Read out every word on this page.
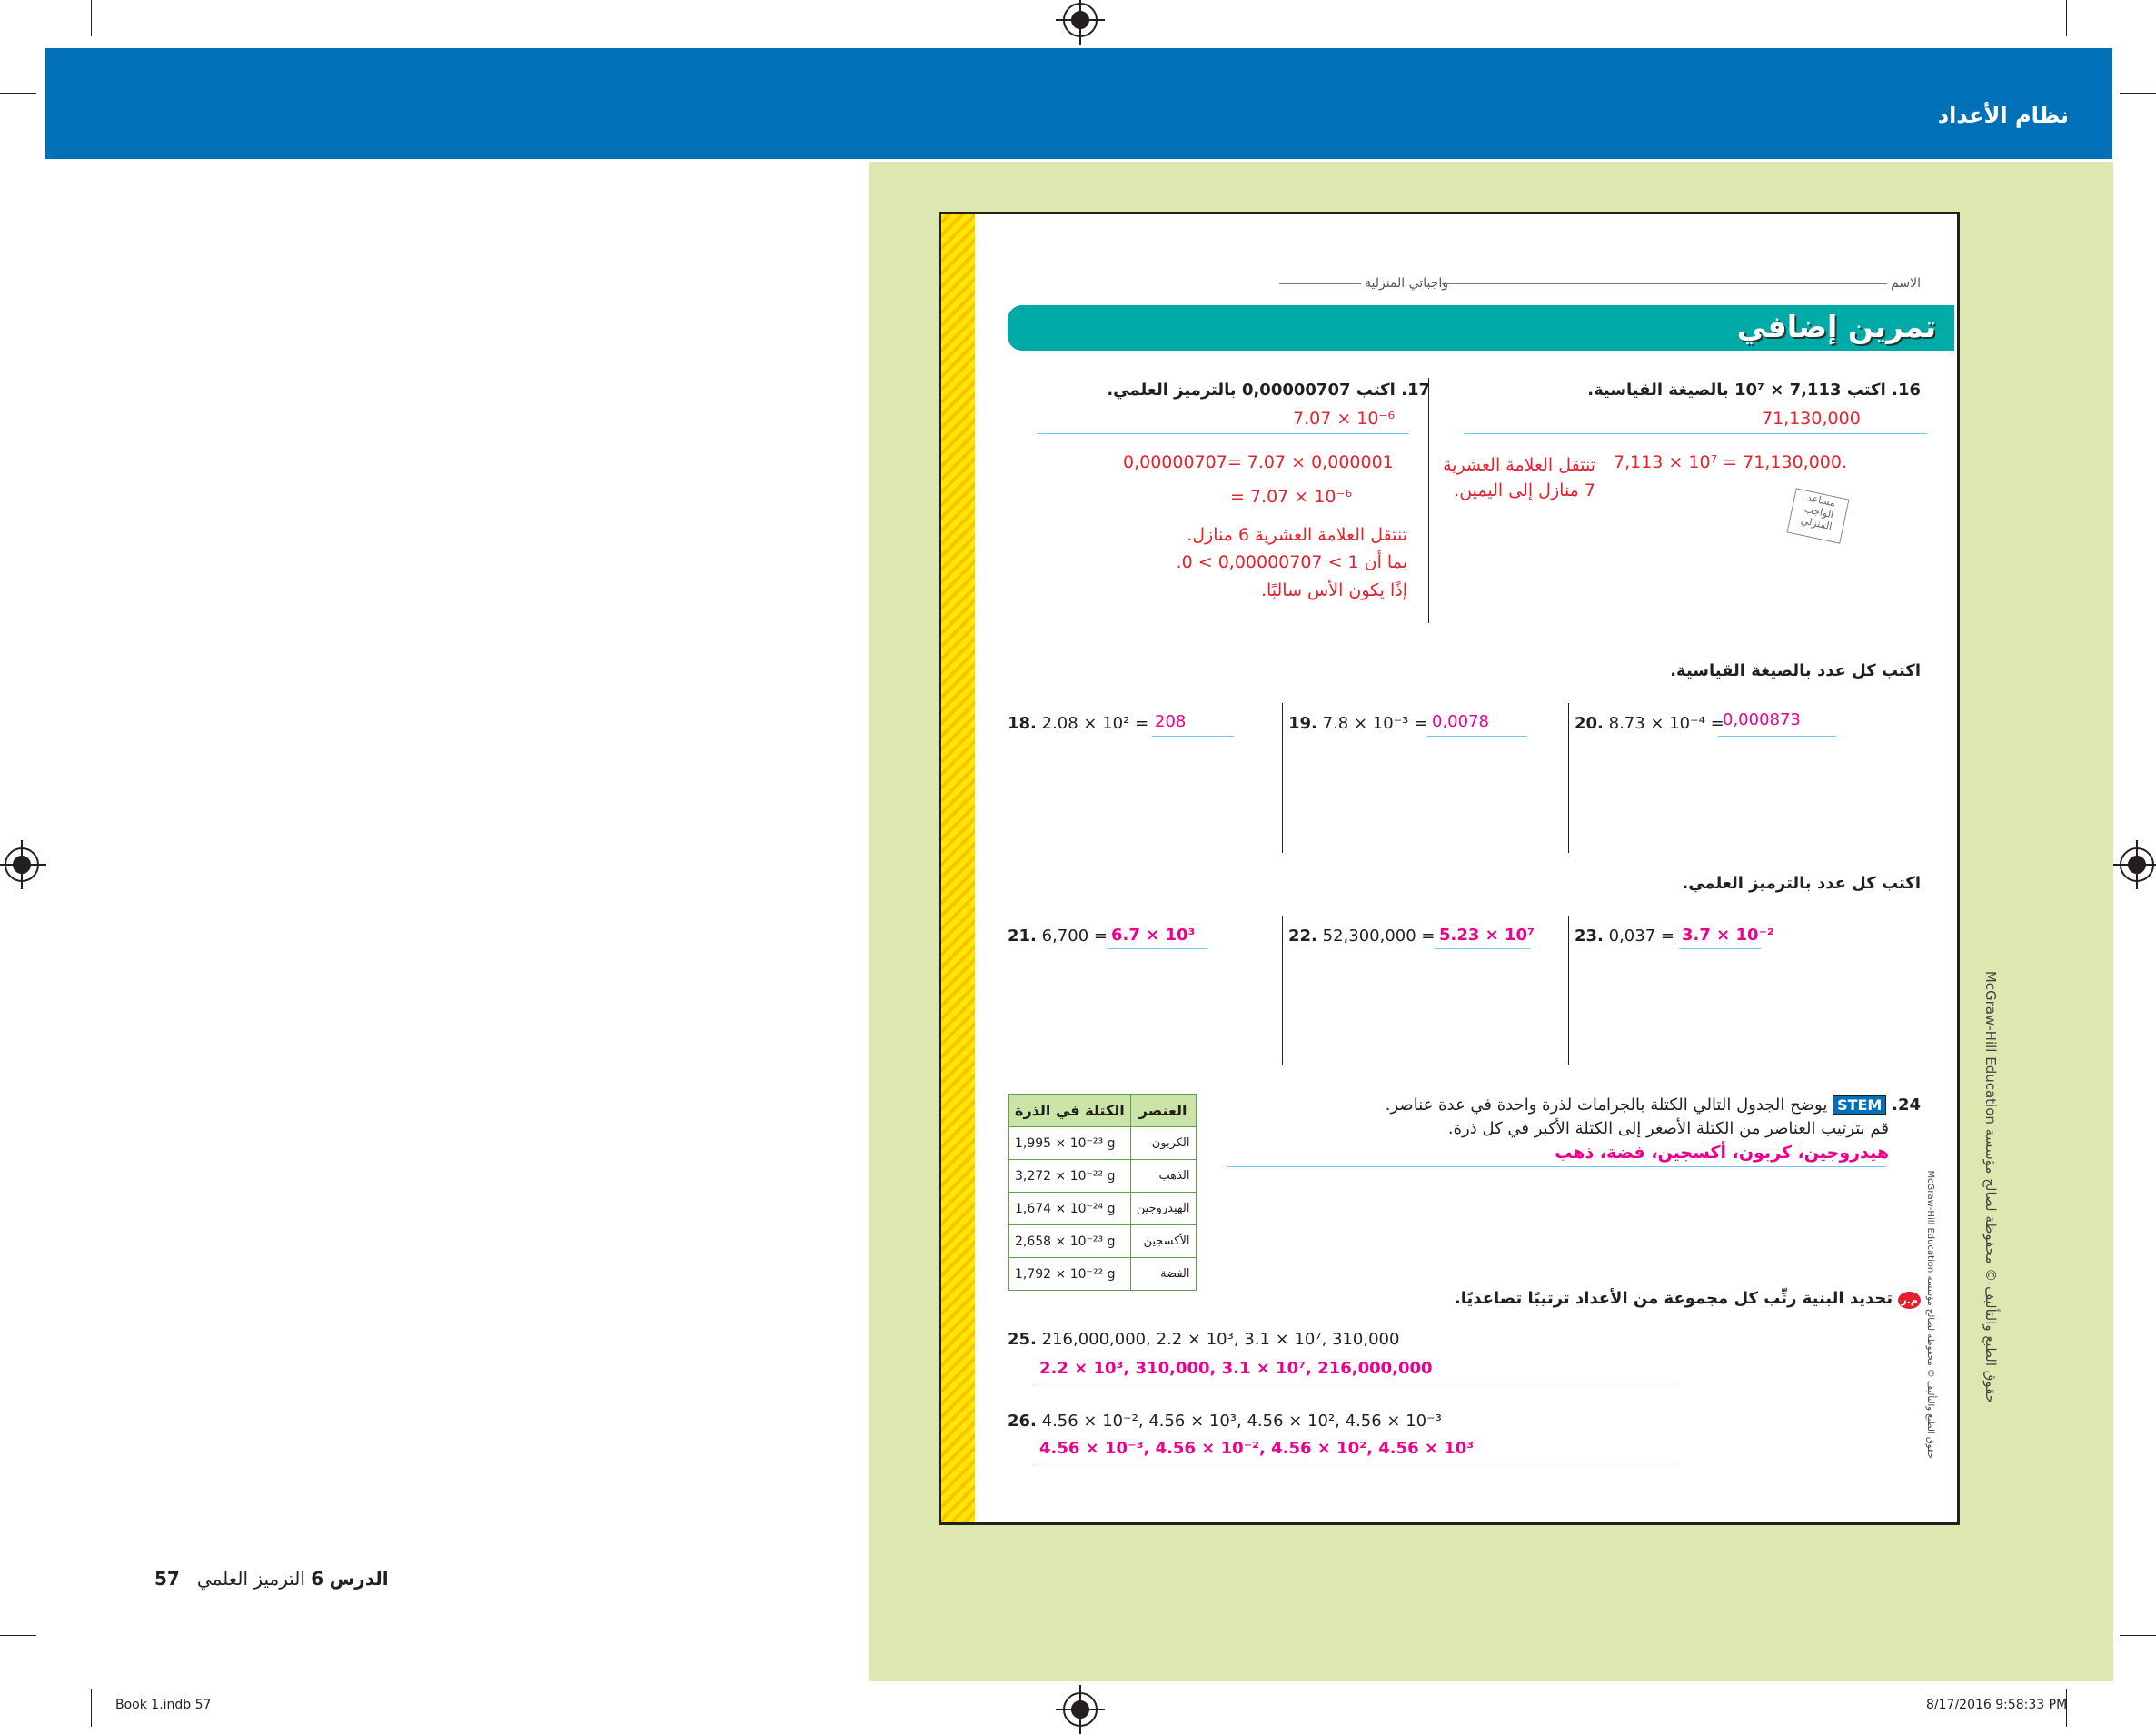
نظام الأعداد
حقوق الطبع والتأليف © محفوظة لصالح مؤسسة McGraw-Hill Education
حقوق الطبع والتأليف © محفوظة لصالح مؤسسة McGraw-Hill Education
الاسم
واجباتي المنزلية
تمرين إضافي
16. اكتب 7,113 × 10⁷ بالصيغة القياسية.
71,130,000
7,113 × 10⁷ = 71,130,000.
تنتقل العلامة العشرية 7 منازل إلى اليمين.	مساعد الواجب المنزلي
17. اكتب 0,00000707 بالترميز العلمي.
7.07 × 10⁻⁶
0,00000707= 7.07 × 0,000001
= 7.07 × 10⁻⁶
تنتقل العلامة العشرية 6 منازل.
بما أن 1 > 0,00000707 > 0.
إذًا يكون الأس سالبًا.
اكتب كل عدد بالصيغة القياسية.
18. 2.08 × 10² = 208	19. 7.8 × 10⁻³ = 0,0078	20. 8.73 × 10⁻⁴ =
0,000873
اكتب كل عدد بالترميز العلمي.
21. 6,700 = 6.7 × 10³	22. 52,300,000 = 5.23 × 10⁷ 23. 0,037 = 3.7 × 10⁻²
24. STEM يوضح الجدول التالي الكتلة بالجرامات لذرة واحدة في عدة عناصر.
قم بترتيب العناصر من الكتلة الأصغر إلى الكتلة الأكبر في كل ذرة.
هيدروجين، كربون، أكسجين، فضة، ذهب
الكتلة في الذرة	العنصر
1,995 × 10⁻²³ g	الكربون
3,272 × 10⁻²² g	الذهب
1,674 × 10⁻²⁴ g	الهيدروجين
2,658 × 10⁻²³ g	الأكسجين
1,792 × 10⁻²² g	الفضة
م.ر تحديد البنية رتِّب كل مجموعة من الأعداد ترتيبًا تصاعديًا.
25. 216,000,000, 2.2 × 10³, 3.1 × 10⁷, 310,000
2.2 × 10³, 310,000, 3.1 × 10⁷, 216,000,000
26. 4.56 × 10⁻², 4.56 × 10³, 4.56 × 10², 4.56 × 10⁻³
4.56 × 10⁻³, 4.56 × 10⁻², 4.56 × 10², 4.56 × 10³
57	الدرس 6 الترميز العلمي
Book 1.indb 57	8/17/2016 9:58:33 PM
